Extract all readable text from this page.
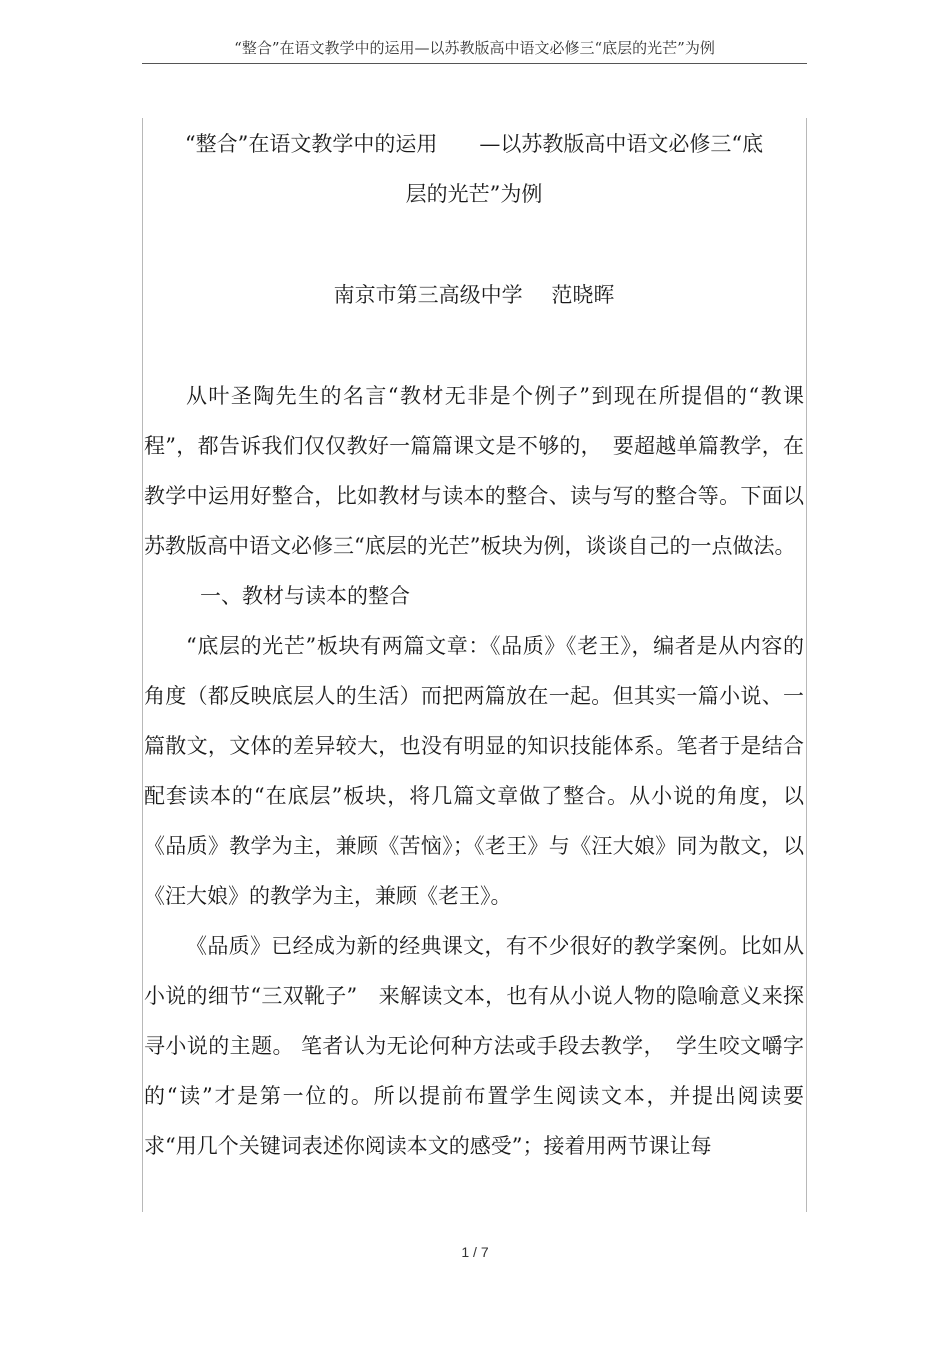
“整合”在语文教学中的运用—以苏教版高中语文必修三“底层的光芒”为例

“整合”在语文教学中的运用　　—以苏教版高中语文必修三“底

层的光芒”为例

南京市第三高级中学 范晓晖

从叶圣陶先生的名言“教材无非是个例子”到现在所提倡的“教课程”，都告诉我们仅仅教好一篇篇课文是不够的，　要超越单篇教学，在教学中运用好整合，比如教材与读本的整合、读与写的整合等。下面以苏教版高中语文必修三“底层的光芒”板块为例，谈谈自己的一点做法。

一、教材与读本的整合

“底层的光芒”板块有两篇文章：《品质》《老王》，编者是从内容的角度（都反映底层人的生活）而把两篇放在一起。但其实一篇小说、一篇散文，文体的差异较大，也没有明显的知识技能体系。笔者于是结合配套读本的“在底层”板块，将几篇文章做了整合。从小说的角度，以《品质》教学为主，兼顾《苦恼》；《老王》与《汪大娘》同为散文，以《汪大娘》的教学为主，兼顾《老王》。

《品质》已经成为新的经典课文，有不少很好的教学案例。比如从小说的细节“三双靴子”　来解读文本，也有从小说人物的隐喻意义来探寻小说的主题。 笔者认为无论何种方法或手段去教学，　学生咬文嚼字的“读”才是第一位的。所以提前布置学生阅读文本，并提出阅读要求“用几个关键词表述你阅读本文的感受”；接着用两节课让每

1 / 7
